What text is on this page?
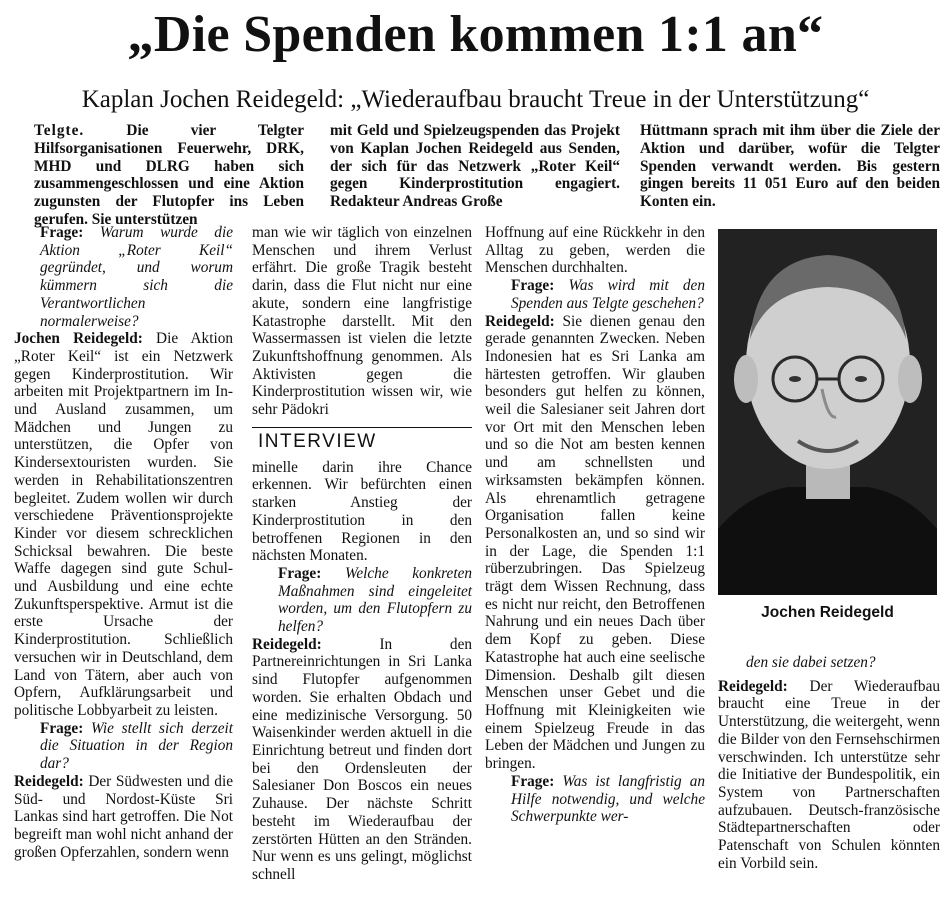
„Die Spenden kommen 1:1 an“
Kaplan Jochen Reidegeld: „Wiederaufbau braucht Treue in der Unterstützung“
Telgte.	Die vier Telgter Hilfsorganisationen Feuerwehr, DRK, MHD und DLRG haben sich zusammengeschlossen und eine Aktion zugunsten der Flutopfer ins Leben gerufen. Sie unterstützen
mit Geld und Spielzeugspenden das Projekt von Kaplan Jochen Reidegeld aus Senden, der sich für das Netzwerk „Roter Keil“ gegen Kinderprostitution engagiert. Redakteur Andreas Große
Hüttmann sprach mit ihm über die Ziele der Aktion und darüber, wofür die Telgter Spenden verwandt werden. Bis gestern gingen bereits 11 051 Euro auf den beiden Konten ein.

Frage: Warum wurde die Aktion „Roter Keil“ gegründet, und worum kümmern sich die Verantwortlichen normalerweise?

Jochen Reidegeld: Die Aktion „Roter Keil“ ist ein Netzwerk gegen Kinderprostitution. Wir arbeiten mit Projektpartnern im In- und Ausland zusammen, um Mädchen und Jungen zu unterstützen, die Opfer von Kindersextouristen wurden. Sie werden in Rehabilitationszentren begleitet. Zudem wollen wir durch verschiedene Präventionsprojekte Kinder vor diesem schrecklichen Schicksal bewahren. Die beste Waffe dagegen sind gute Schul- und Ausbildung und eine echte Zukunftsperspektive. Armut ist die erste Ursache der Kinderprostitution. Schließlich versuchen wir in Deutschland, dem Land von Tätern, aber auch von Opfern, Aufklärungsarbeit und politische Lobbyarbeit zu leisten.

Frage: Wie stellt sich derzeit die Situation in der Region dar?

Reidegeld: Der Südwesten und die Süd- und Nordost-Küste Sri Lankas sind hart getroffen. Die Not begreift man wohl nicht anhand der großen Opferzahlen, sondern wenn

man wie wir täglich von einzelnen Menschen und ihrem Verlust erfährt. Die große Tragik besteht darin, dass die Flut nicht nur eine akute, sondern eine langfristige Katastrophe darstellt. Mit den Wassermassen ist vielen die letzte Zukunftshoffnung genommen. Als Aktivisten gegen die Kinderprostitution wissen wir, wie sehr Pädokri

INTERVIEW

minelle darin ihre Chance erkennen. Wir befürchten einen starken Anstieg der Kinderprostitution in den betroffenen Regionen in den nächsten Monaten.

Frage: Welche konkreten Maßnahmen sind eingeleitet worden, um den Flutopfern zu helfen?

Reidegeld:	In den Partnereinrichtungen in Sri Lanka sind Flutopfer aufgenommen worden. Sie erhalten Obdach und eine medizinische Versorgung. 50 Waisenkinder werden aktuell in die Einrichtung betreut und finden dort bei den Ordensleuten der Salesianer Don Boscos ein neues Zuhause. Der nächste Schritt besteht im Wiederaufbau der zerstörten Hütten an den Stränden. Nur wenn es uns gelingt, möglichst schnell

Hoffnung auf eine Rückkehr in den Alltag zu geben, werden die Menschen durchhalten.

Frage: Was wird mit den Spenden aus Telgte geschehen?

Reidegeld: Sie dienen genau den gerade genannten Zwecken. Neben Indonesien hat es Sri Lanka am härtesten getroffen. Wir glauben besonders gut helfen zu können, weil die Salesianer seit Jahren dort vor Ort mit den Menschen leben und so die Not am besten kennen und am schnellsten und wirksamsten bekämpfen können. Als ehrenamtlich getragene Organisation fallen keine Personalkosten an, und so sind wir in der Lage, die Spenden 1:1 rüberzubringen. Das Spielzeug trägt dem Wissen Rechnung, dass es nicht nur reicht, den Betroffenen Nahrung und ein neues Dach über dem Kopf zu geben. Diese Katastrophe hat auch eine seelische Dimension. Deshalb gilt diesen Menschen unser Gebet und die Hoffnung mit Kleinigkeiten wie einem Spielzeug Freude in das Leben der Mädchen und Jungen zu bringen.

Frage: Was ist langfristig an Hilfe notwendig, und welche Schwerpunkte wer-

Jochen Reidegeld

den sie dabei setzen?

Reidegeld: Der Wiederaufbau braucht eine Treue in der Unterstützung, die weitergeht, wenn die Bilder von den Fernsehschirmen verschwinden. Ich unterstütze sehr die Initiative der Bundespolitik, ein System von Partnerschaften aufzubauen. Deutsch-französische Städtepartnerschaften oder Patenschaft von Schulen könnten ein Vorbild sein.
